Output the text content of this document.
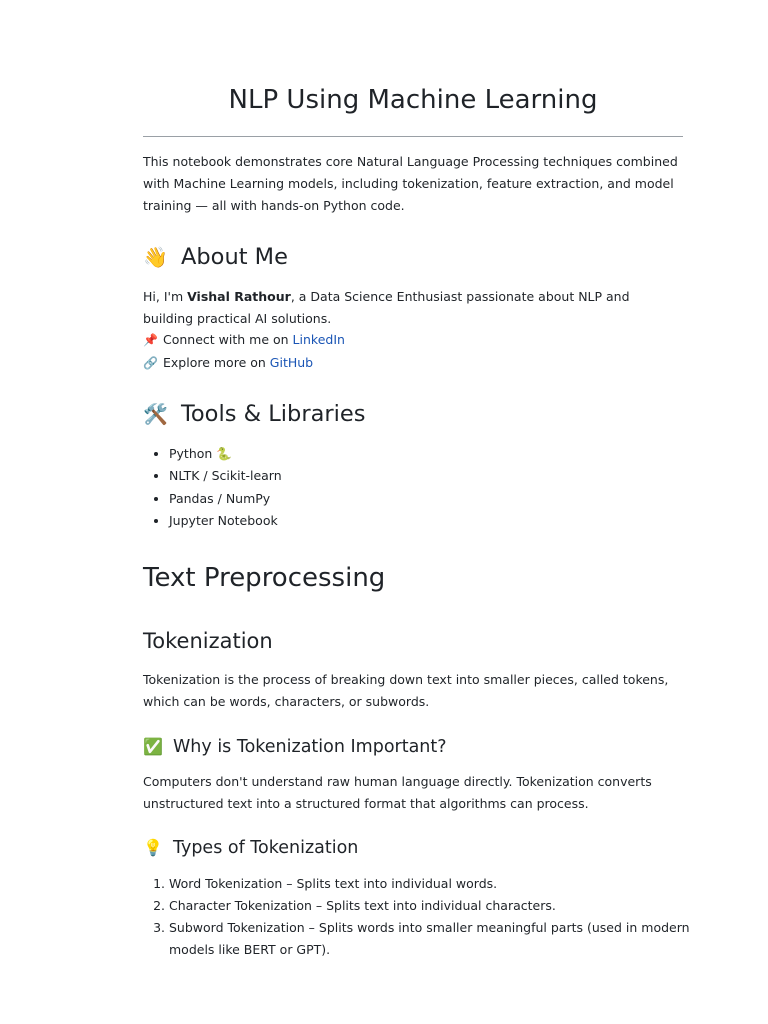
NLP Using Machine Learning

This notebook demonstrates core Natural Language Processing techniques combined with Machine Learning models, including tokenization, feature extraction, and model training — all with hands-on Python code.

👋 About Me

Hi, I'm Vishal Rathour, a Data Science Enthusiast passionate about NLP and building practical AI solutions.

📌 Connect with me on
LinkedIn
🔗 Explore more on
GitHub
🛠️ Tools & Libraries
• Python 🐍
• NLTK / Scikit-learn
• Pandas / NumPy
• Jupyter Notebook
Text Preprocessing
Tokenization

Tokenization is the process of breaking down text into smaller pieces, called tokens, which can be words, characters, or subwords.

✅ Why is Tokenization Important?

Computers don't understand raw human language directly. Tokenization converts unstructured text into a structured format that algorithms can process.

💡 Types of Tokenization
1. Word Tokenization – Splits text into individual words.
2. Character Tokenization – Splits text into individual characters.
3. Subword Tokenization – Splits words into smaller meaningful parts (used in modern models like BERT or GPT).
